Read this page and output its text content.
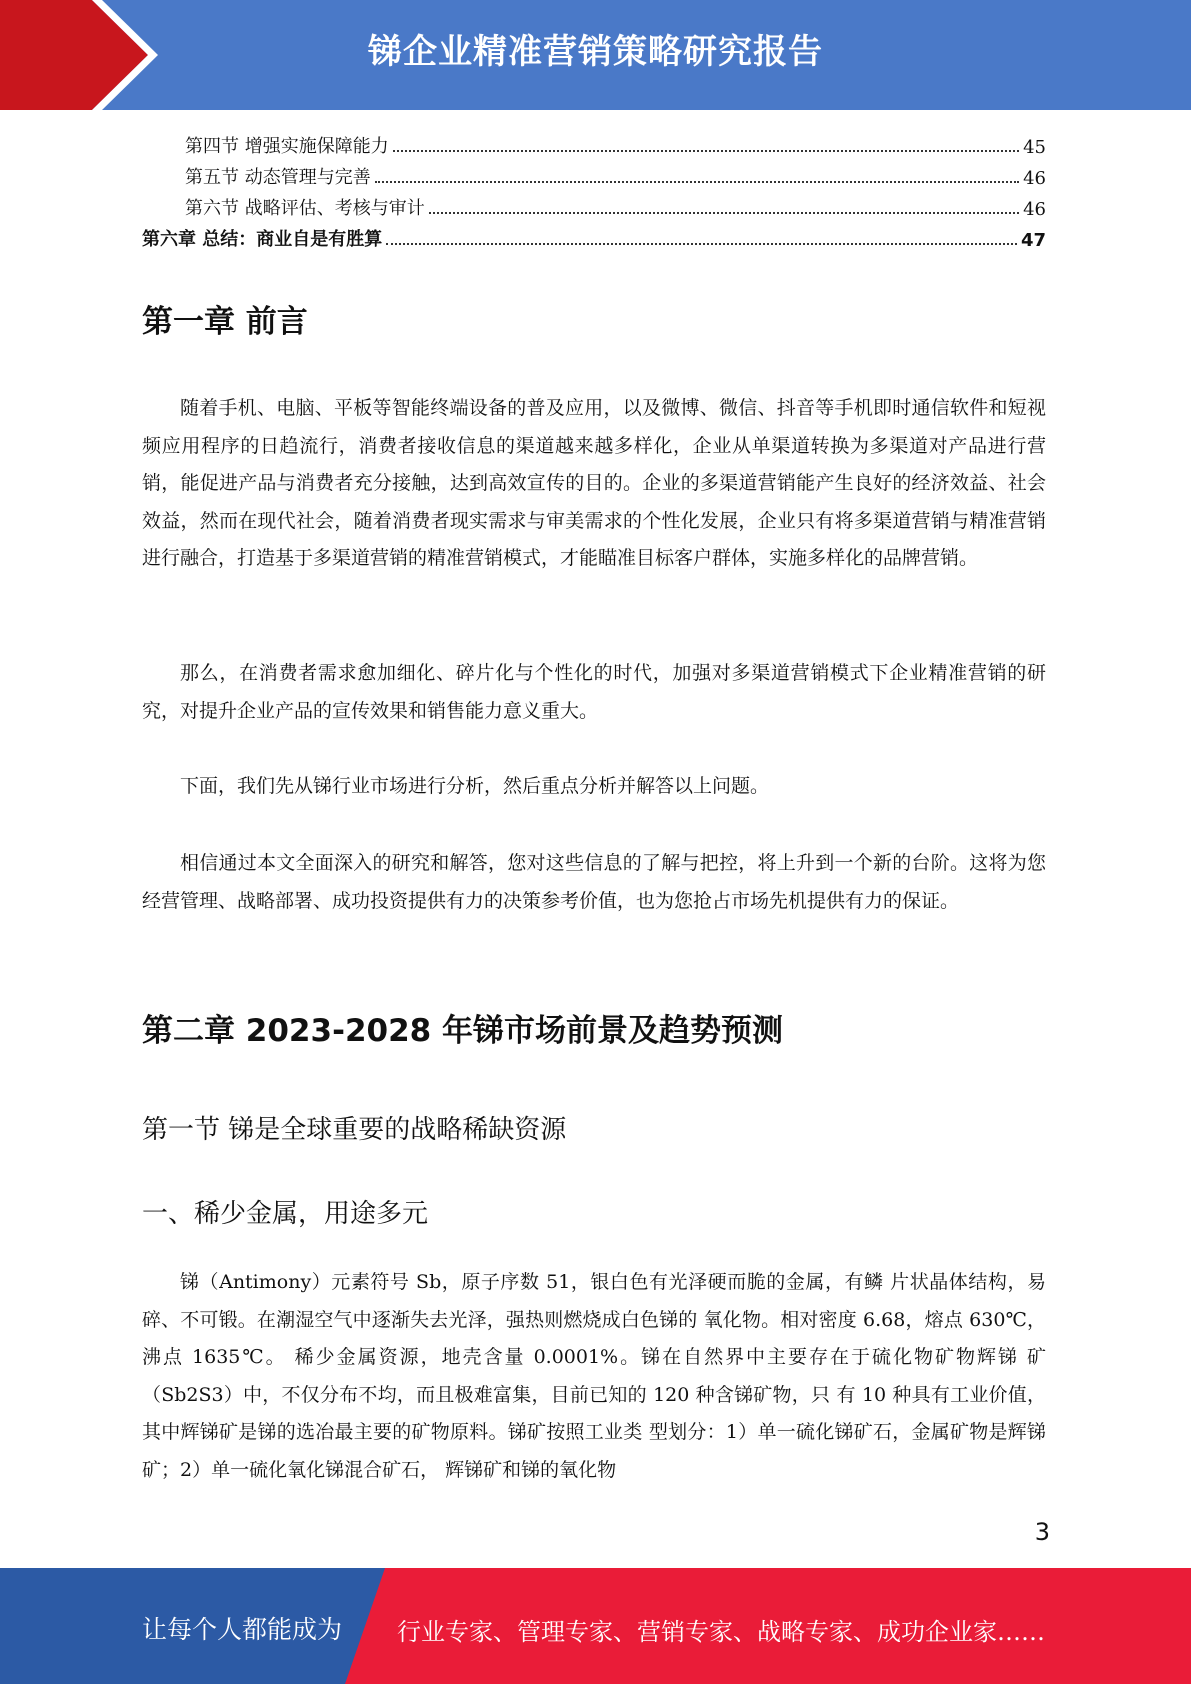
锑企业精准营销策略研究报告
第四节 增强实施保障能力	45
第五节 动态管理与完善	46
第六节 战略评估、考核与审计	46
第六章 总结：商业自是有胜算	47
第一章 前言

随着手机、电脑、平板等智能终端设备的普及应用，以及微博、微信、抖音等手机即时通信软件和短视频应用程序的日趋流行，消费者接收信息的渠道越来越多样化，企业从单渠道转换为多渠道对产品进行营销，能促进产品与消费者充分接触，达到高效宣传的目的。企业的多渠道营销能产生良好的经济效益、社会效益，然而在现代社会，随着消费者现实需求与审美需求的个性化发展，企业只有将多渠道营销与精准营销进行融合，打造基于多渠道营销的精准营销模式，才能瞄准目标客户群体，实施多样化的品牌营销。

那么，在消费者需求愈加细化、碎片化与个性化的时代，加强对多渠道营销模式下企业精准营销的研究，对提升企业产品的宣传效果和销售能力意义重大。

下面，我们先从锑行业市场进行分析，然后重点分析并解答以上问题。

相信通过本文全面深入的研究和解答，您对这些信息的了解与把控，将上升到一个新的台阶。这将为您经营管理、战略部署、成功投资提供有力的决策参考价值，也为您抢占市场先机提供有力的保证。

第二章 2023-2028 年锑市场前景及趋势预测
第一节 锑是全球重要的战略稀缺资源
一、稀少金属，用途多元

锑（Antimony）元素符号 Sb，原子序数 51，银白色有光泽硬而脆的金属，有鳞 片状晶体结构，易碎、不可锻。在潮湿空气中逐渐失去光泽，强热则燃烧成白色锑的 氧化物。相对密度 6.68，熔点 630℃，沸点 1635℃。 稀少金属资源，地壳含量 0.0001%。锑在自然界中主要存在于硫化物矿物辉锑 矿（Sb2S3）中，不仅分布不均，而且极难富集，目前已知的 120 种含锑矿物，只 有 10 种具有工业价值，其中辉锑矿是锑的选冶最主要的矿物原料。锑矿按照工业类 型划分：1）单一硫化锑矿石，金属矿物是辉锑矿；2）单一硫化氧化锑混合矿石， 辉锑矿和锑的氧化物

3
让每个人都能成为 行业专家、管理专家、营销专家、战略专家、成功企业家……
